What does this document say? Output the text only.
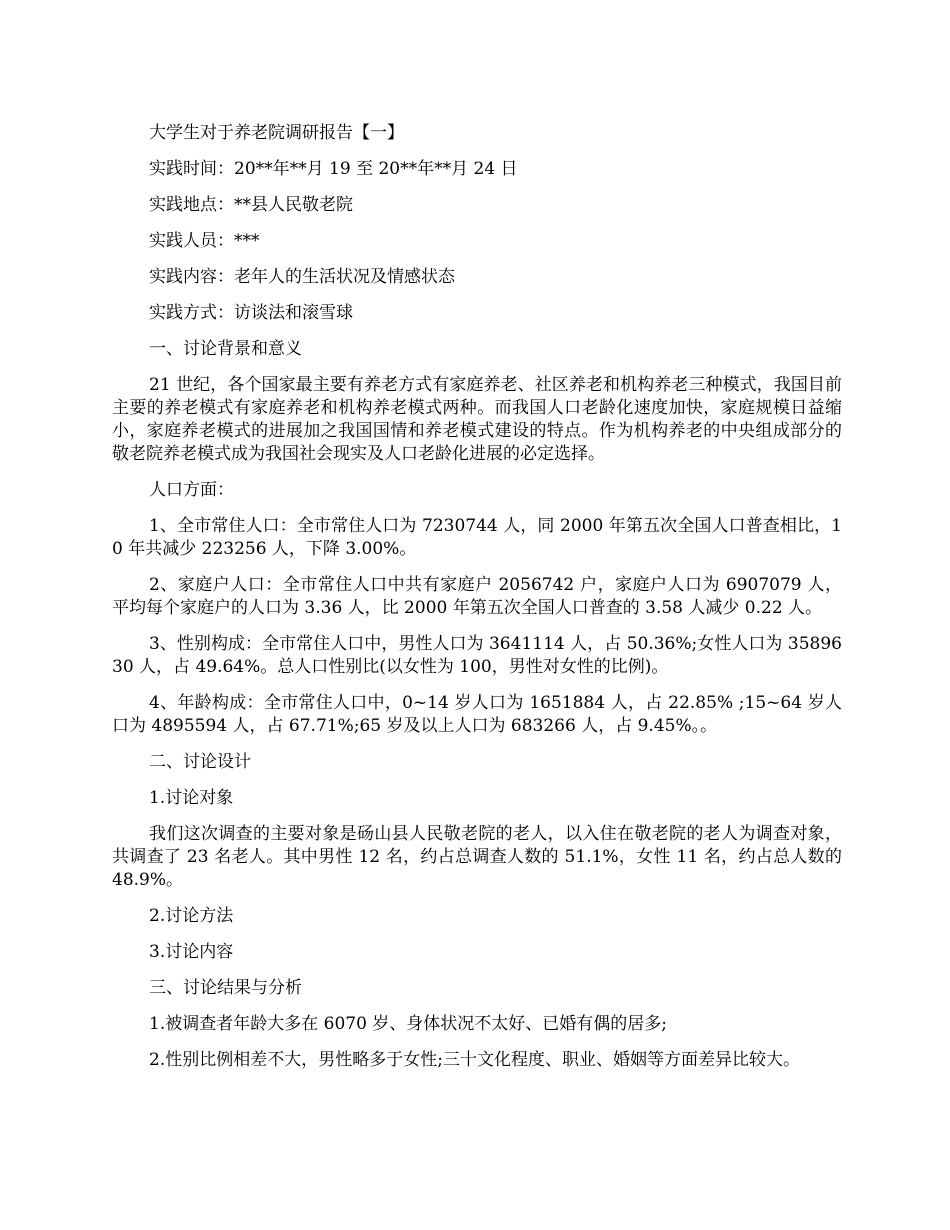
大学生对于养老院调研报告【一】

实践时间：20**年**月 19 至 20**年**月 24 日

实践地点：**县人民敬老院

实践人员：***

实践内容：老年人的生活状况及情感状态

实践方式：访谈法和滚雪球

一、讨论背景和意义

21 世纪，各个国家最主要有养老方式有家庭养老、社区养老和机构养老三种模式，我国目前主要的养老模式有家庭养老和机构养老模式两种。而我国人口老龄化速度加快，家庭规模日益缩小，家庭养老模式的进展加之我国国情和养老模式建设的特点。作为机构养老的中央组成部分的敬老院养老模式成为我国社会现实及人口老龄化进展的必定选择。

人口方面：

1、全市常住人口：全市常住人口为 7230744 人，同 2000 年第五次全国人口普查相比，10 年共减少 223256 人，下降 3.00%。

2、家庭户人口：全市常住人口中共有家庭户 2056742 户，家庭户人口为 6907079 人，平均每个家庭户的人口为 3.36 人，比 2000 年第五次全国人口普查的 3.58 人减少 0.22 人。

3、性别构成：全市常住人口中，男性人口为 3641114 人，占 50.36%;女性人口为 3589630 人，占 49.64%。总人口性别比(以女性为 100，男性对女性的比例)。

4、年龄构成：全市常住人口中，0~14 岁人口为 1651884 人，占 22.85% ;15~64 岁人口为 4895594 人，占 67.71%;65 岁及以上人口为 683266 人，占 9.45%。。

二、讨论设计

1.讨论对象

我们这次调查的主要对象是砀山县人民敬老院的老人，以入住在敬老院的老人为调查对象，共调查了 23 名老人。其中男性 12 名，约占总调查人数的 51.1%，女性 11 名，约占总人数的 48.9%。

2.讨论方法

3.讨论内容

三、讨论结果与分析

1.被调查者年龄大多在 6070 岁、身体状况不太好、已婚有偶的居多;

2.性别比例相差不大，男性略多于女性;三十文化程度、职业、婚姻等方面差异比较大。
